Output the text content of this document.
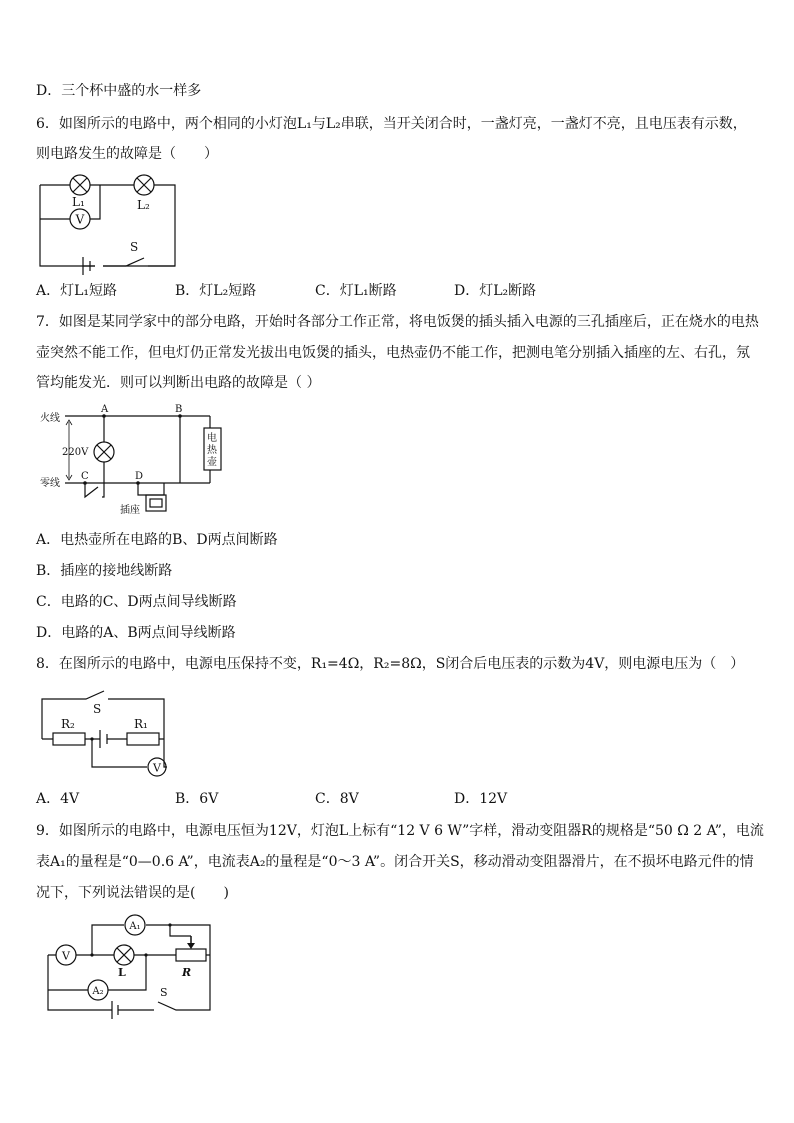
D．三个杯中盛的水一样多
6．如图所示的电路中，两个相同的小灯泡L₁与L₂串联，当开关闭合时，一盏灯亮，一盏灯不亮，且电压表有示数，
则电路发生的故障是（　　）
V
L₁	L₂
S
A．灯L₁短路	B．灯L₂短路	C．灯L₁断路	D．灯L₂断路
7．如图是某同学家中的部分电路，开始时各部分工作正常，将电饭煲的插头插入电源的三孔插座后，正在烧水的电热
壶突然不能工作，但电灯仍正常发光拔出电饭煲的插头，电热壶仍不能工作，把测电笔分别插入插座的左、右孔，氖
管均能发光．则可以判断出电路的故障是（ ）
火线
零线
220V
A	B
C	D
电
热
壶
插座
A．电热壶所在电路的B、D两点间断路
B．插座的接地线断路
C．电路的C、D两点间导线断路
D．电路的A、B两点间导线断路
8．在图所示的电路中，电源电压保持不变，R₁=4Ω，R₂=8Ω，S闭合后电压表的示数为4V，则电源电压为（　）
V
S
R₂	R₁
A．4V	B．6V	C．8V	D．12V
9．如图所示的电路中，电源电压恒为12V，灯泡L上标有“12 V 6 W”字样，滑动变阻器R的规格是“50 Ω 2 A”，电流
表A₁的量程是“0—0.6 A”，电流表A₂的量程是“0～3 A”。闭合开关S，移动滑动变阻器滑片，在不损坏电路元件的情
况下，下列说法错误的是(　　)
A₁
V
A₂
L	R
S
